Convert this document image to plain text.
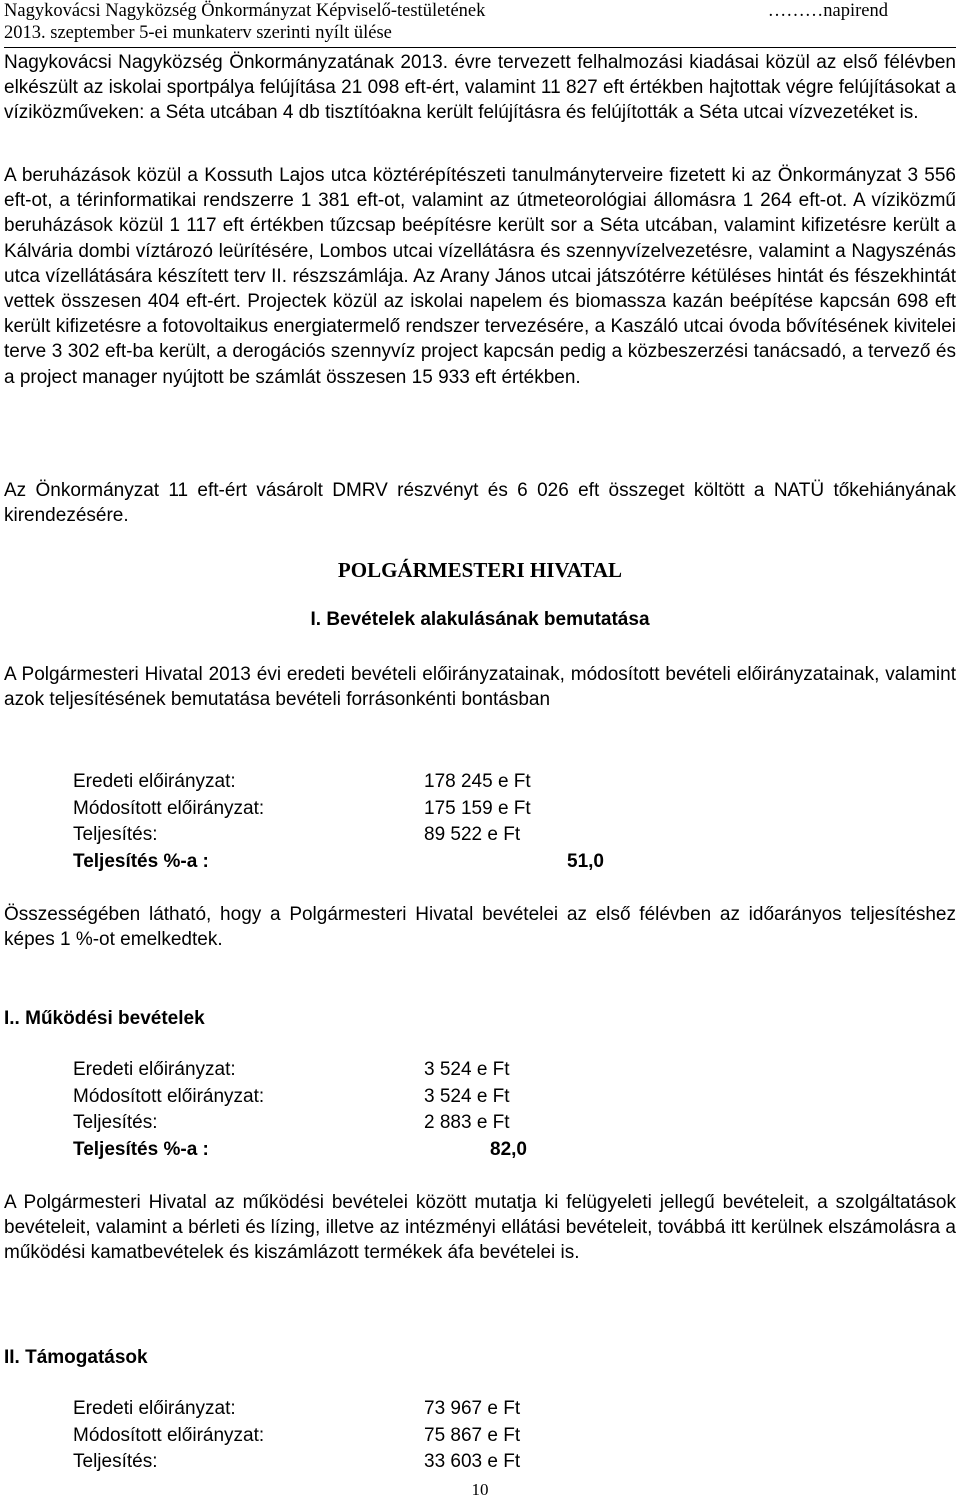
Nagykovácsi Nagyközség Önkormányzat Képviselő-testületének	………napirend
2013. szeptember 5-ei munkaterv szerinti nyílt ülése
Nagykovácsi Nagyközség Önkormányzatának 2013. évre tervezett felhalmozási kiadásai közül az első félévben elkészült az iskolai sportpálya felújítása 21 098 eft-ért, valamint 11 827 eft értékben hajtottak végre felújításokat a víziközműveken: a Séta utcában 4 db tisztítóakna került felújításra és felújították a Séta utcai vízvezetéket is.
A beruházások közül a Kossuth Lajos utca köztérépítészeti tanulmányterveire fizetett ki az Önkormányzat 3 556 eft-ot, a térinformatikai rendszerre 1 381 eft-ot, valamint az útmeteorológiai állomásra 1 264 eft-ot. A víziközmű beruházások közül 1 117 eft értékben tűzcsap beépítésre került sor a Séta utcában, valamint kifizetésre került a Kálvária dombi víztározó leürítésére, Lombos utcai vízellátásra és szennyvízelvezetésre, valamint a Nagyszénás utca vízellátására készített terv II. részszámlája. Az Arany János utcai játszótérre kétüléses hintát és fészekhintát vettek összesen 404 eft-ért. Projectek közül az iskolai napelem és biomassza kazán beépítése kapcsán 698 eft került kifizetésre a fotovoltaikus energiatermelő rendszer tervezésére, a Kaszáló utcai óvoda bővítésének kivitelei terve 3 302 eft-ba került, a derogációs szennyvíz project kapcsán pedig a közbeszerzési tanácsadó, a tervező és a project manager nyújtott be számlát összesen 15 933 eft értékben.
Az Önkormányzat 11 eft-ért vásárolt DMRV részvényt és 6 026 eft összeget költött a NATÜ tőkehiányának kirendezésére.
POLGÁRMESTERI HIVATAL
I. Bevételek alakulásának bemutatása
A Polgármesteri Hivatal 2013 évi eredeti bevételi előirányzatainak, módosított bevételi előirányzatainak, valamint azok teljesítésének bemutatása bevételi forrásonkénti bontásban
Eredeti előirányzat:	178 245 e Ft
Módosított előirányzat:	175 159 e Ft
Teljesítés:	89 522 e Ft
Teljesítés %-a :	51,0
Összességében látható, hogy a Polgármesteri Hivatal bevételei az első félévben az időarányos teljesítéshez képes 1 %-ot emelkedtek.
I.. Működési bevételek
Eredeti előirányzat:	3 524 e Ft
Módosított előirányzat:	3 524 e Ft
Teljesítés:	2 883 e Ft
Teljesítés %-a :	82,0
A Polgármesteri Hivatal az működési bevételei között mutatja ki felügyeleti jellegű bevételeit, a szolgáltatások bevételeit, valamint a bérleti és lízing, illetve az intézményi ellátási bevételeit, továbbá itt kerülnek elszámolásra a működési kamatbevételek és kiszámlázott termékek áfa bevételei is.
II. Támogatások
Eredeti előirányzat:	73 967 e Ft
Módosított előirányzat:	75 867 e Ft
Teljesítés:	33 603 e Ft
10
